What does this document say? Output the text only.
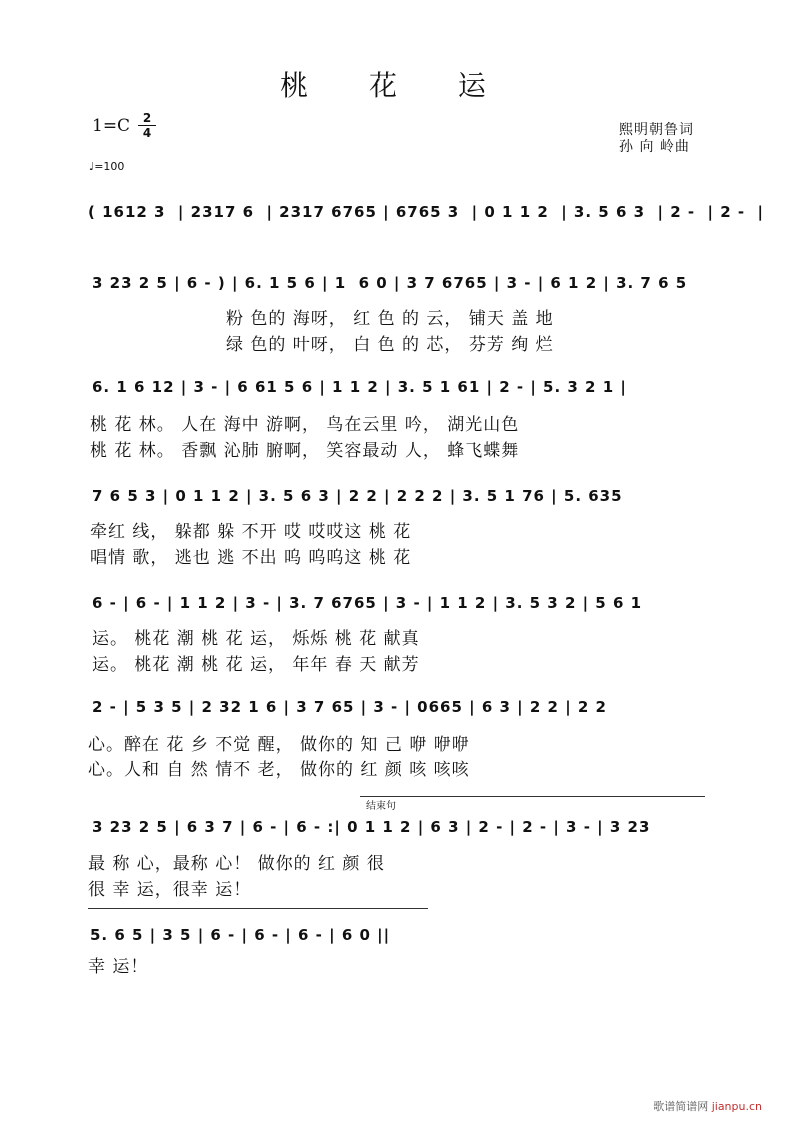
桃 花 运
1=C	2
4
♩=100
熙明朝鲁词
孙 向 岭曲
( 1612 3  | 2317 6  | 2317 6765 | 6765 3  | 0 1 1 2  | 3. 5 6 3  | 2 -  | 2 -  |
3 23 2 5 | 6 - ) | 6. 1 5 6 | 1  6 0 | 3 7 6765 | 3 - | 6 1 2 | 3. 7 6 5
粉 色的 海呀， 红 色 的 云， 铺天 盖 地
绿 色的 叶呀， 白 色 的 芯， 芬芳 绚 烂
6. 1 6 12 | 3 - | 6 61 5 6 | 1 1 2 | 3. 5 1 61 | 2 - | 5. 3 2 1 |
桃 花 林。 人在 海中 游啊， 鸟在云里 吟， 湖光山色
桃 花 林。 香飘 沁肺 腑啊， 笑容最动 人， 蜂飞蝶舞
7 6 5 3 | 0 1 1 2 | 3. 5 6 3 | 2 2 | 2 2 2 | 3. 5 1 76 | 5. 635
牵红 线， 躲都 躲 不开 哎 哎哎这 桃 花
唱情 歌， 逃也 逃 不出 呜 呜呜这 桃 花
6 - | 6 - | 1 1 2 | 3 - | 3. 7 6765 | 3 - | 1 1 2 | 3. 5 3 2 | 5 6 1
运。 桃花 潮 桃 花 运， 烁烁 桃 花 献真
运。 桃花 潮 桃 花 运， 年年 春 天 献芳
2 - | 5 3 5 | 2 32 1 6 | 3 7 65 | 3 - | 0665 | 6 3 | 2 2 | 2 2
心。醉在 花 乡 不觉 醒， 做你的 知 己 咿 咿咿
心。人和 自 然 情不 老， 做你的 红 颜 咳 咳咳
结束句
3 23 2 5 | 6 3 7 | 6 - | 6 - :| 0 1 1 2 | 6 3 | 2 - | 2 - | 3 - | 3 23
最 称 心，最称 心！ 做你的 红 颜 很
很 幸 运，很幸 运！
5. 6 5 | 3 5 | 6 - | 6 - | 6 - | 6 0 ||
幸 运！
歌谱简谱网 jianpu.cn
